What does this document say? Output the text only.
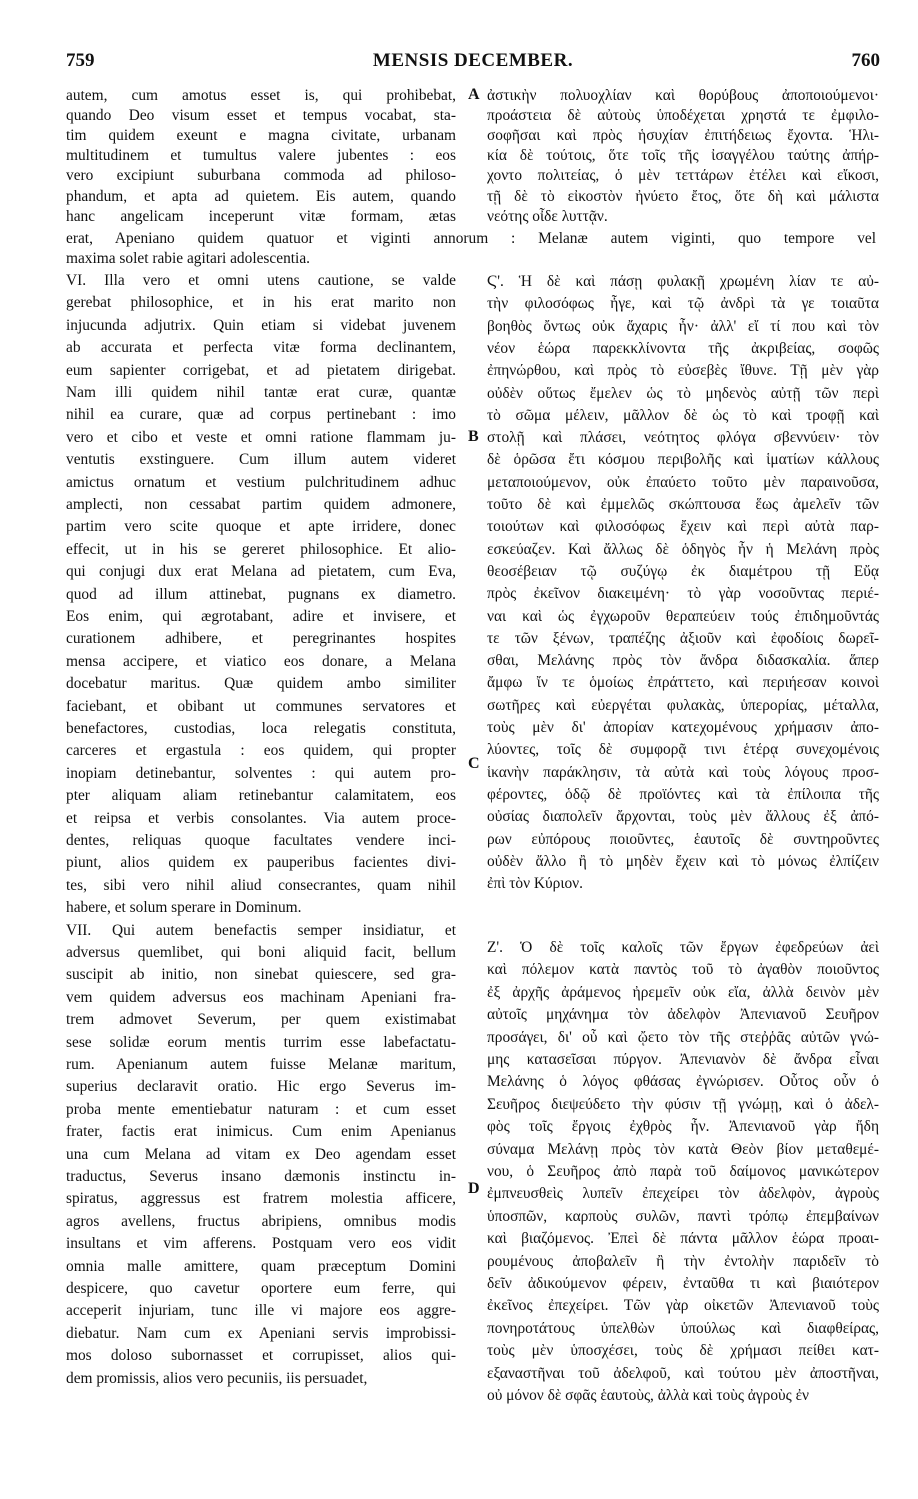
759	MENSIS DECEMBER.	760
autem, cum amotus esset is, qui prohibebat,
quando Deo visum esset et tempus vocabat, sta-
tim quidem exeunt e magna civitate, urbanam
multitudinem et tumultus valere jubentes : eos
vero excipiunt suburbana commoda ad philoso-
phandum, et apta ad quietem. Eis autem, quando
hanc angelicam inceperunt vitæ formam, ætas
maxima solet rabie agitari adolescentia.
VI. Illa vero et omni utens cautione, se valde
gerebat philosophice, et in his erat marito non
injucunda adjutrix. Quin etiam si videbat juvenem
ab accurata et perfecta vitæ forma declinantem,
eum sapienter corrigebat, et ad pietatem dirigebat.
Nam illi quidem nihil tantæ erat curæ, quantæ
nihil ea curare, quæ ad corpus pertinebant : imo
vero et cibo et veste et omni ratione flammam ju-
ventutis exstinguere. Cum illum autem videret
amictus ornatum et vestium pulchritudinem adhuc
amplecti, non cessabat partim quidem admonere,
partim vero scite quoque et apte irridere, donec
effecit, ut in his se gereret philosophice. Et alio-
qui conjugi dux erat Melana ad pietatem, cum Eva,
quod ad illum attinebat, pugnans ex diametro.
Eos enim, qui ægrotabant, adire et invisere, et
curationem adhibere, et peregrinantes hospites
mensa accipere, et viatico eos donare, a Melana
docebatur maritus. Quæ quidem ambo similiter
faciebant, et obibant ut communes servatores et
benefactores, custodias, loca relegatis constituta,
carceres et ergastula : eos quidem, qui propter
inopiam detinebantur, solventes : qui autem pro-
pter aliquam aliam retinebantur calamitatem, eos
et reipsa et verbis consolantes. Via autem proce-
dentes, reliquas quoque facultates vendere inci-
piunt, alios quidem ex pauperibus facientes divi-
tes, sibi vero nihil aliud consecrantes, quam nihil
habere, et solum sperare in Dominum.
VII. Qui autem benefactis semper insidiatur, et
adversus quemlibet, qui boni aliquid facit, bellum
suscipit ab initio, non sinebat quiescere, sed gra-
vem quidem adversus eos machinam Apeniani fra-
trem admovet Severum, per quem existimabat
sese solidæ eorum mentis turrim esse labefactatu-
rum. Apenianum autem fuisse Melanæ maritum,
superius declaravit oratio. Hic ergo Severus im-
proba mente ementiebatur naturam : et cum esset
frater, factis erat inimicus. Cum enim Apenianus
una cum Melana ad vitam ex Deo agendam esset
traductus, Severus insano dæmonis instinctu in-
spiratus, aggressus est fratrem molestia afficere,
agros avellens, fructus abripiens, omnibus modis
insultans et vim afferens. Postquam vero eos vidit
omnia malle amittere, quam præceptum Domini
despicere, quo cavetur oportere eum ferre, qui
acceperit injuriam, tunc ille vi majore eos aggre-
diebatur. Nam cum ex Apeniani servis improbissi-
mos doloso subornasset et corrupisset, alios qui-
dem promissis, alios vero pecuniis, iis persuadet,
ἀστικὴν πολυοχλίαν καὶ θορύβους ἀποποιούμενοι·
προάστεια δὲ αὐτοὺς ὑποδέχεται χρηστά τε ἐμφιλο-
σοφῆσαι καὶ πρὸς ἡσυχίαν ἐπιτήδειως ἔχοντα. Ἡλι-
κία δὲ τούτοις, ὅτε τοῖς τῆς ἰσαγγέλου ταύτης ἀπήρ-
χοντο πολιτείας, ὁ μὲν τεττάρων ἐτέλει καὶ εἴκοσι,
τῇ δὲ τὸ εἰκοστὸν ἠνύετο ἔτος, ὅτε δὴ καὶ μάλιστα
νεότης οἶδε λυττᾷν.
Ϛ'. Ἡ δὲ καὶ πάσῃ φυλακῇ χρωμένη λίαν τε αὐ-
τὴν φιλοσόφως ἦγε, καὶ τῷ ἀνδρὶ τὰ γε τοιαῦτα
βοηθὸς ὄντως οὐκ ἄχαρις ἦν· ἀλλ' εἴ τί που καὶ τὸν
νέον ἑώρα παρεκκλίνοντα τῆς ἀκριβείας, σοφῶς
ἐπηνώρθου, καὶ πρὸς τὸ εὐσεβὲς ἴθυνε. Τῇ μὲν γὰρ
οὐδὲν οὕτως ἔμελεν ὡς τὸ μηδενὸς αὐτῇ τῶν περὶ
τὸ σῶμα μέλειν, μᾶλλον δὲ ὡς τὸ καὶ τροφῇ καὶ
στολῇ καὶ πλάσει, νεότητος φλόγα σβεννύειν· τὸν
δὲ ὁρῶσα ἔτι κόσμου περιβολῆς καὶ ἱματίων κάλλους
μεταποιούμενον, οὐκ ἐπαύετο τοῦτο μὲν παραινοῦσα,
τοῦτο δὲ καὶ ἐμμελῶς σκώπτουσα ἕως ἀμελεῖν τῶν
τοιούτων καὶ φιλοσόφως ἔχειν καὶ περὶ αὐτὰ παρ-
εσκεύαζεν. Καὶ ἄλλως δὲ ὁδηγὸς ἦν ἡ Μελάνη πρὸς
θεοσέβειαν τῷ συζύγῳ ἐκ διαμέτρου τῇ Εὔᾳ
πρὸς ἐκεῖνον διακειμένη· τὸ γὰρ νοσοῦντας περιέ-
ναι καὶ ὡς ἐγχωροῦν θεραπεύειν τούς ἐπιδημοῦντάς
τε τῶν ξένων, τραπέζης ἀξιοῦν καὶ ἐφοδίοις δωρεῖ-
σθαι, Μελάνης πρὸς τὸν ἄνδρα διδασκαλία. ἅπερ
ἄμφω ἴν τε ὁμοίως ἐπράττετο, καὶ περιήεσαν κοινοὶ
σωτῆρες καὶ εὐεργέται φυλακὰς, ὑπερορίας, μέταλλα,
τοὺς μὲν δι' ἀπορίαν κατεχομένους χρήμασιν ἀπο-
λύοντες, τοῖς δὲ συμφορᾷ τινι ἑτέρᾳ συνεχομένοις
ἱκανὴν παράκλησιν, τὰ αὐτὰ καὶ τοὺς λόγους προσ-
φέροντες, ὁδῷ δὲ προϊόντες καὶ τὰ ἐπίλοιπα τῆς
οὐσίας διαπολεῖν ἄρχονται, τοὺς μὲν ἄλλους ἐξ ἀπό-
ρων εὐπόρους ποιοῦντες, ἑαυτοῖς δὲ συντηροῦντες
οὐδὲν ἄλλο ἢ τὸ μηδὲν ἔχειν καὶ τὸ μόνως ἐλπίζειν
ἐπὶ τὸν Κύριον.
Ζ'. Ὁ δὲ τοῖς καλοῖς τῶν ἔργων ἐφεδρεύων ἀεὶ
καὶ πόλεμον κατὰ παντὸς τοῦ τὸ ἀγαθὸν ποιοῦντος
ἐξ ἀρχῆς ἀράμενος ἠρεμεῖν οὐκ εἴα, ἀλλὰ δεινὸν μὲν
αὐτοῖς μηχάνημα τὸν ἀδελφὸν Ἀπενιανοῦ Σευῆρον
προσάγει, δι' οὗ καὶ ᾤετο τὸν τῆς στεῤῥᾶς αὐτῶν γνώ-
μης κατασεῖσαι πύργον. Ἀπενιανὸν δὲ ἄνδρα εἶναι
Μελάνης ὁ λόγος φθάσας ἐγνώρισεν. Οὗτος οὖν ὁ
Σευῆρος διεψεύδετο τὴν φύσιν τῇ γνώμῃ, καὶ ὁ ἀδελ-
φὸς τοῖς ἔργοις ἐχθρὸς ἦν. Ἀπενιανοῦ γὰρ ἤδη
σύναμα Μελάνῃ πρὸς τὸν κατὰ Θεὸν βίον μεταθεμέ-
νου, ὁ Σευῆρος ἀπὸ παρὰ τοῦ δαίμονος μανικώτερον
ἐμπνευσθεὶς λυπεῖν ἐπεχείρει τὸν ἀδελφὸν, ἀγροὺς
ὑποσπῶν, καρποὺς συλῶν, παντὶ τρόπῳ ἐπεμβαίνων
καὶ βιαζόμενος. Ἐπεὶ δὲ πάντα μᾶλλον ἑώρα προαι-
ρουμένους ἀποβαλεῖν ἢ τὴν ἐντολὴν παριδεῖν τὸ
δεῖν ἀδικούμενον φέρειν, ἐνταῦθα τι καὶ βιαιότερον
ἐκεῖνος ἐπεχείρει. Τῶν γὰρ οἰκετῶν Ἀπενιανοῦ τοὺς
πονηροτάτους ὑπελθὼν ὑπούλως καὶ διαφθείρας,
τοὺς μὲν ὑποσχέσει, τοὺς δὲ χρήμασι πείθει κατ-
εξαναστῆναι τοῦ ἀδελφοῦ, καὶ τούτου μὲν ἀποστῆναι,
οὐ μόνον δὲ σφᾶς ἑαυτοὺς, ἀλλὰ καὶ τοὺς ἀγροὺς ἐν
erat, Apeniano quidem quatuor et viginti annorum : Melanæ autem viginti, quo tempore vel
A
B
C
D
